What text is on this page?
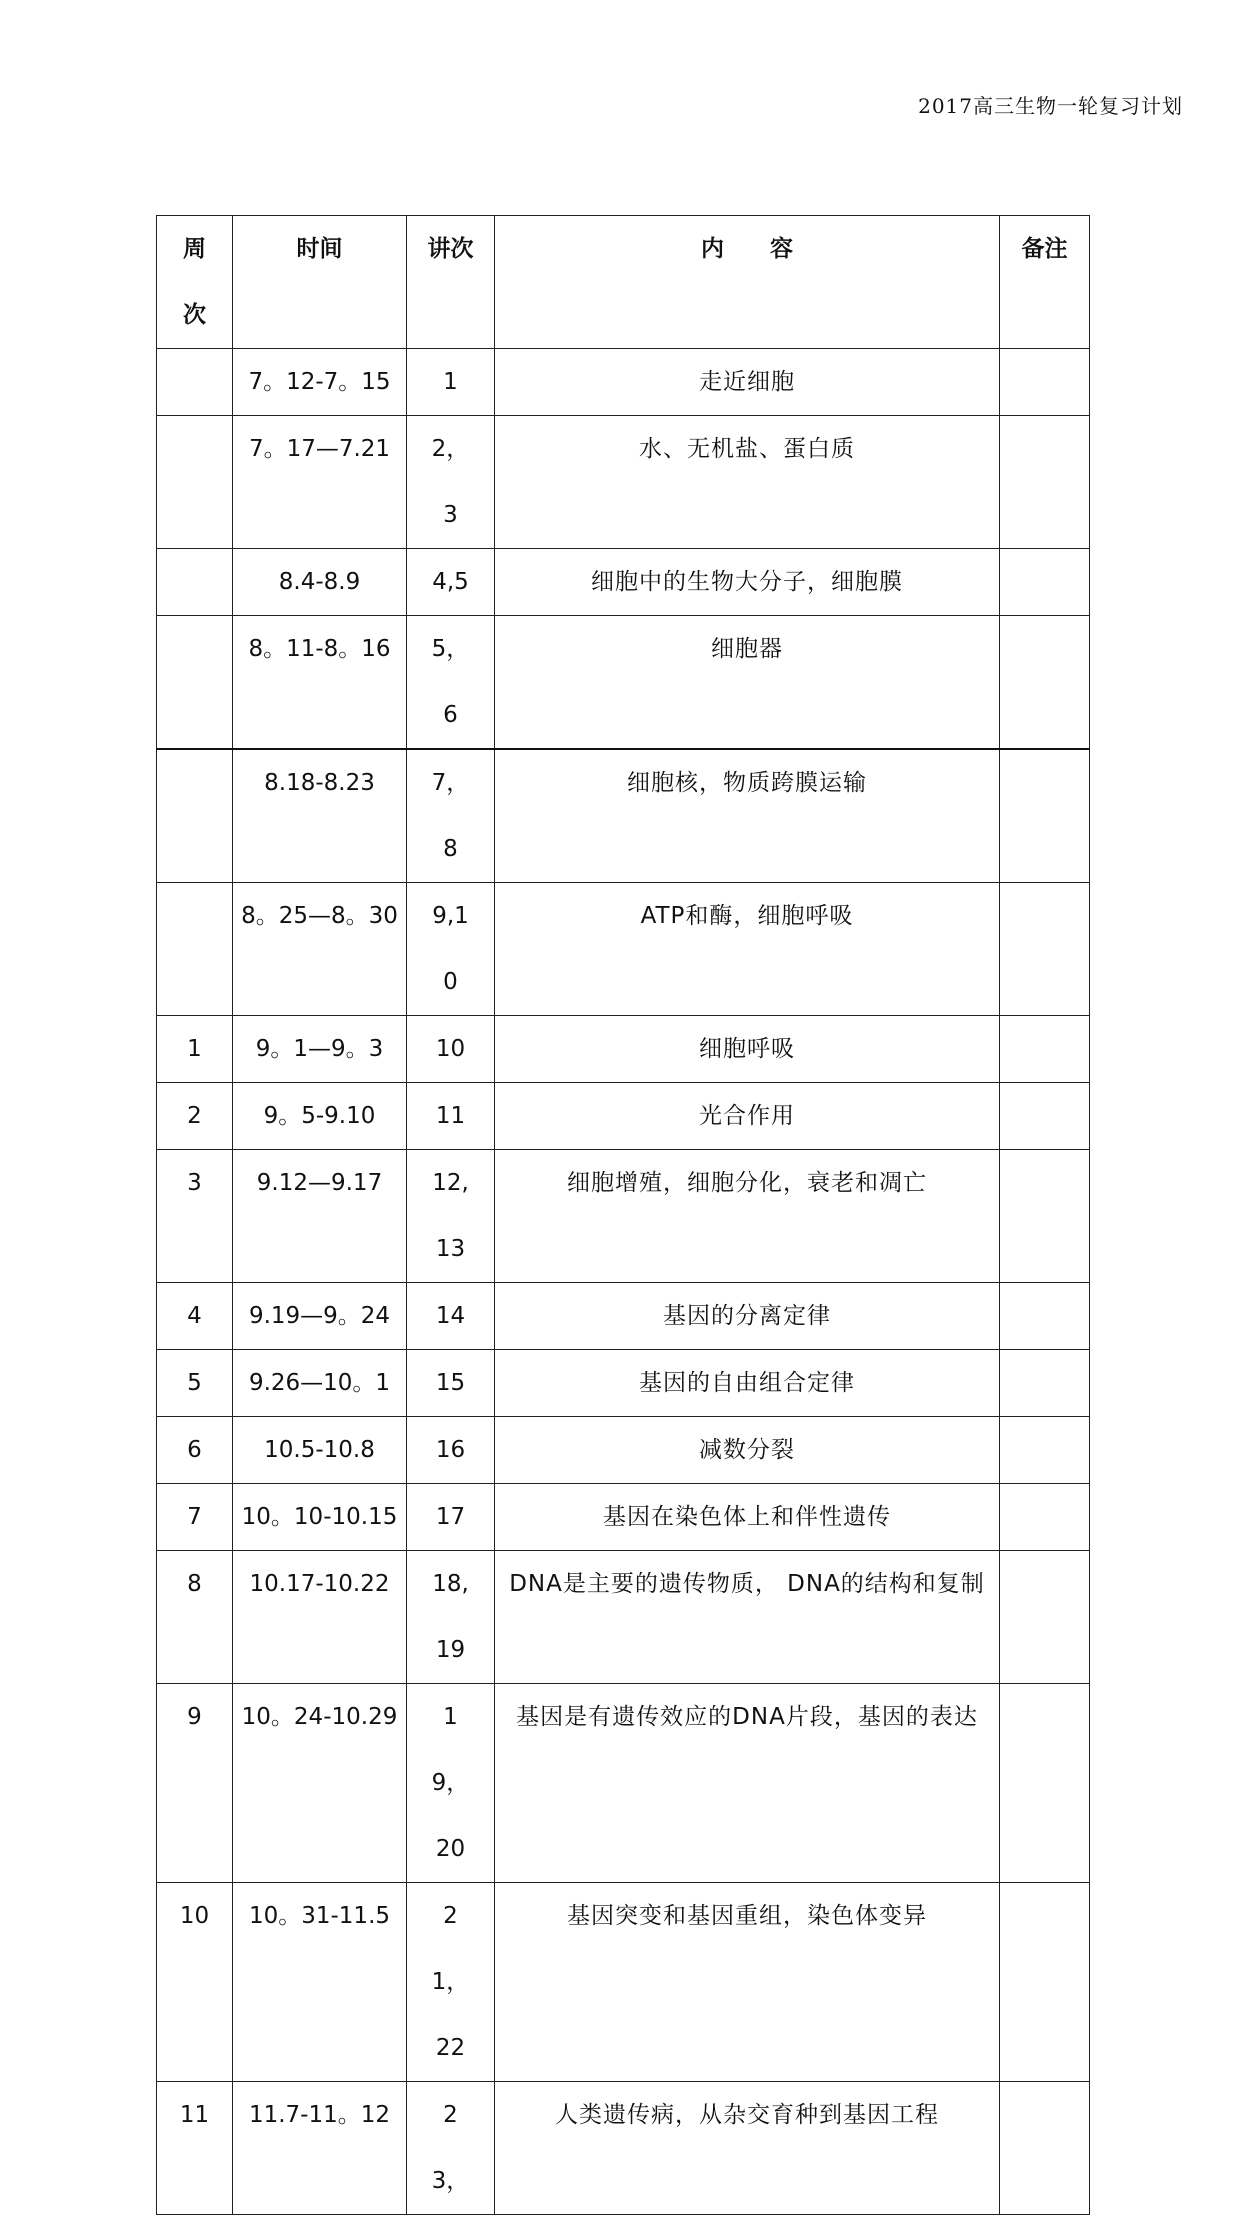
2017高三生物一轮复习计划
周次	时间	讲次	内　　容	备注
	7。12-7。15	1	走近细胞	

	7。17—7.21	2，3	水、无机盐、蛋白质	

	8.4-8.9	4,5	细胞中的生物大分子，细胞膜	

	8。11-8。16	5，6	细胞器	

	8.18-8.23	7，8	细胞核，物质跨膜运输	

	8。25—8。30	9,10	ATP和酶，细胞呼吸	

1	9。1—9。3	10	细胞呼吸	

2	9。5-9.10	11	光合作用	

3	9.12—9.17	12,13	细胞增殖，细胞分化，衰老和凋亡	

4	9.19—9。24	14	基因的分离定律	

5	9.26—10。1	15	基因的自由组合定律	

6	10.5-10.8	16	减数分裂	

7	10。10-10.15	17	基因在染色体上和伴性遗传	

8	10.17-10.22	18,19	DNA是主要的遗传物质， DNA的结构和复制	

9	10。24-10.29	19，20	基因是有遗传效应的DNA片段，基因的表达	

10	10。31-11.5	21，22	基因突变和基因重组，染色体变异	

11	11.7-11。12	23，	人类遗传病，从杂交育种到基因工程	
